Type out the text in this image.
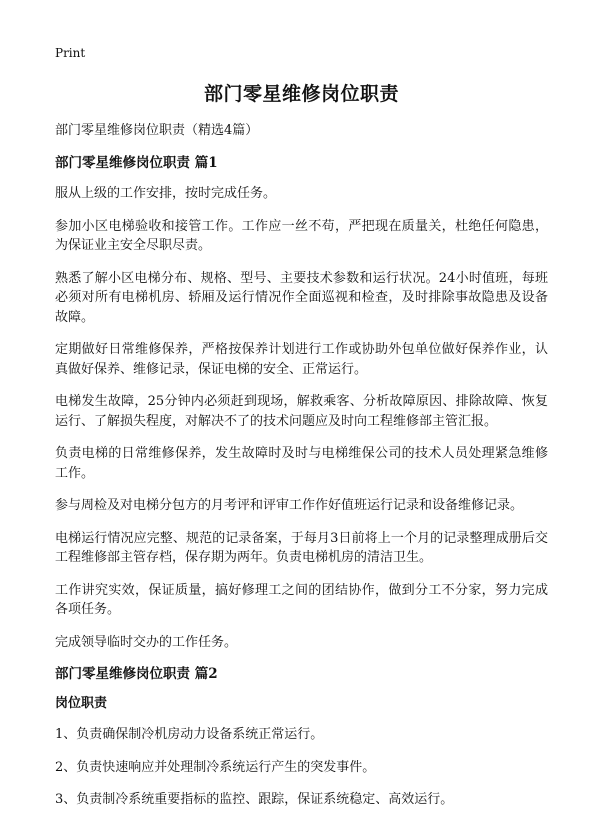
Print
部门零星维修岗位职责
部门零星维修岗位职责（精选4篇）
部门零星维修岗位职责 篇1

服从上级的工作安排，按时完成任务。

参加小区电梯验收和接管工作。工作应一丝不苟，严把现在质量关，杜绝任何隐患，为保证业主安全尽职尽责。

熟悉了解小区电梯分布、规格、型号、主要技术参数和运行状况。24小时值班，每班必须对所有电梯机房、轿厢及运行情况作全面巡视和检查，及时排除事故隐患及设备故障。

定期做好日常维修保养，严格按保养计划进行工作或协助外包单位做好保养作业，认真做好保养、维修记录，保证电梯的安全、正常运行。

电梯发生故障，25分钟内必须赶到现场，解救乘客、分析故障原因、排除故障、恢复运行、了解损失程度，对解决不了的技术问题应及时向工程维修部主管汇报。

负责电梯的日常维修保养，发生故障时及时与电梯维保公司的技术人员处理紧急维修工作。

参与周检及对电梯分包方的月考评和评审工作作好值班运行记录和设备维修记录。

电梯运行情况应完整、规范的记录备案，于每月3日前将上一个月的记录整理成册后交工程维修部主管存档，保存期为两年。负责电梯机房的清洁卫生。

工作讲究实效，保证质量，搞好修理工之间的团结协作，做到分工不分家，努力完成各项任务。

完成领导临时交办的工作任务。

部门零星维修岗位职责 篇2
岗位职责

1、负责确保制冷机房动力设备系统正常运行。

2、负责快速响应并处理制冷系统运行产生的突发事件。

3、负责制冷系统重要指标的监控、跟踪，保证系统稳定、高效运行。
